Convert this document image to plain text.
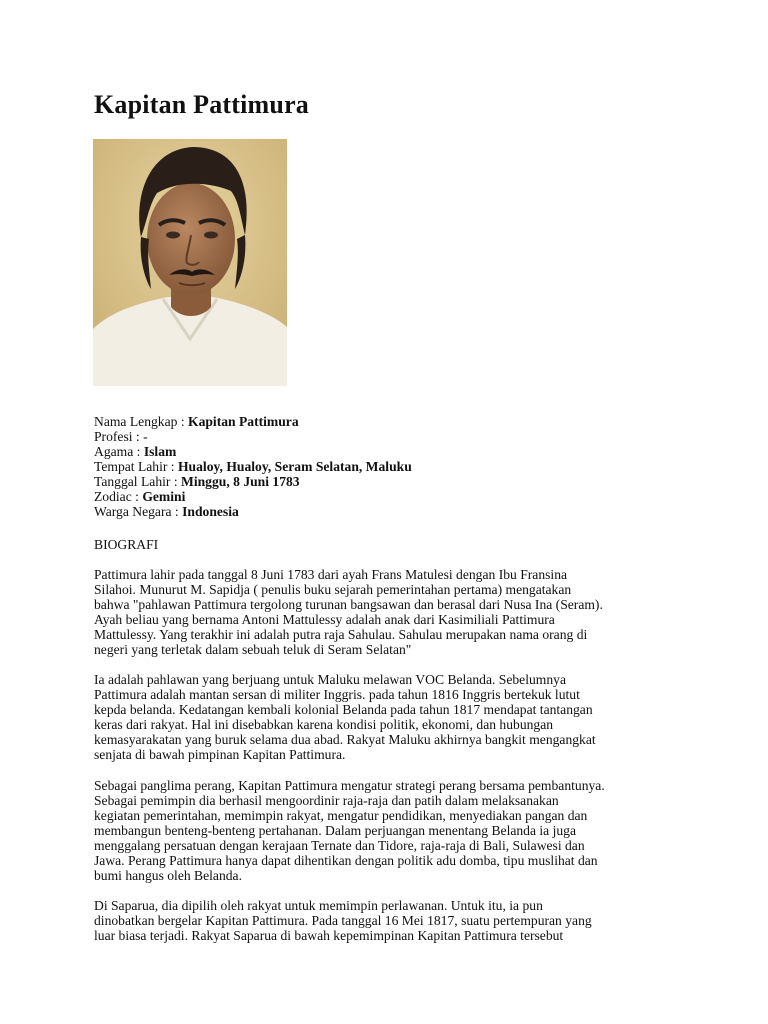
Kapitan Pattimura
Nama Lengkap : Kapitan Pattimura
Profesi : -
Agama : Islam
Tempat Lahir : Hualoy, Hualoy, Seram Selatan, Maluku
Tanggal Lahir : Minggu, 8 Juni 1783
Zodiac : Gemini
Warga Negara : Indonesia
BIOGRAFI

Pattimura lahir pada tanggal 8 Juni 1783 dari ayah Frans Matulesi dengan Ibu Fransina
Silahoi. Munurut M. Sapidja ( penulis buku sejarah pemerintahan pertama) mengatakan
bahwa "pahlawan Pattimura tergolong turunan bangsawan dan berasal dari Nusa Ina (Seram).
Ayah beliau yang bernama Antoni Mattulessy adalah anak dari Kasimiliali Pattimura
Mattulessy. Yang terakhir ini adalah putra raja Sahulau. Sahulau merupakan nama orang di
negeri yang terletak dalam sebuah teluk di Seram Selatan"

Ia adalah pahlawan yang berjuang untuk Maluku melawan VOC Belanda. Sebelumnya
Pattimura adalah mantan sersan di militer Inggris. pada tahun 1816 Inggris bertekuk lutut
kepda belanda. Kedatangan kembali kolonial Belanda pada tahun 1817 mendapat tantangan
keras dari rakyat. Hal ini disebabkan karena kondisi politik, ekonomi, dan hubungan
kemasyarakatan yang buruk selama dua abad. Rakyat Maluku akhirnya bangkit mengangkat
senjata di bawah pimpinan Kapitan Pattimura.

Sebagai panglima perang, Kapitan Pattimura mengatur strategi perang bersama pembantunya.
Sebagai pemimpin dia berhasil mengoordinir raja-raja dan patih dalam melaksanakan
kegiatan pemerintahan, memimpin rakyat, mengatur pendidikan, menyediakan pangan dan
membangun benteng-benteng pertahanan. Dalam perjuangan menentang Belanda ia juga
menggalang persatuan dengan kerajaan Ternate dan Tidore, raja-raja di Bali, Sulawesi dan
Jawa. Perang Pattimura hanya dapat dihentikan dengan politik adu domba, tipu muslihat dan
bumi hangus oleh Belanda.

Di Saparua, dia dipilih oleh rakyat untuk memimpin perlawanan. Untuk itu, ia pun
dinobatkan bergelar Kapitan Pattimura. Pada tanggal 16 Mei 1817, suatu pertempuran yang
luar biasa terjadi. Rakyat Saparua di bawah kepemimpinan Kapitan Pattimura tersebut
